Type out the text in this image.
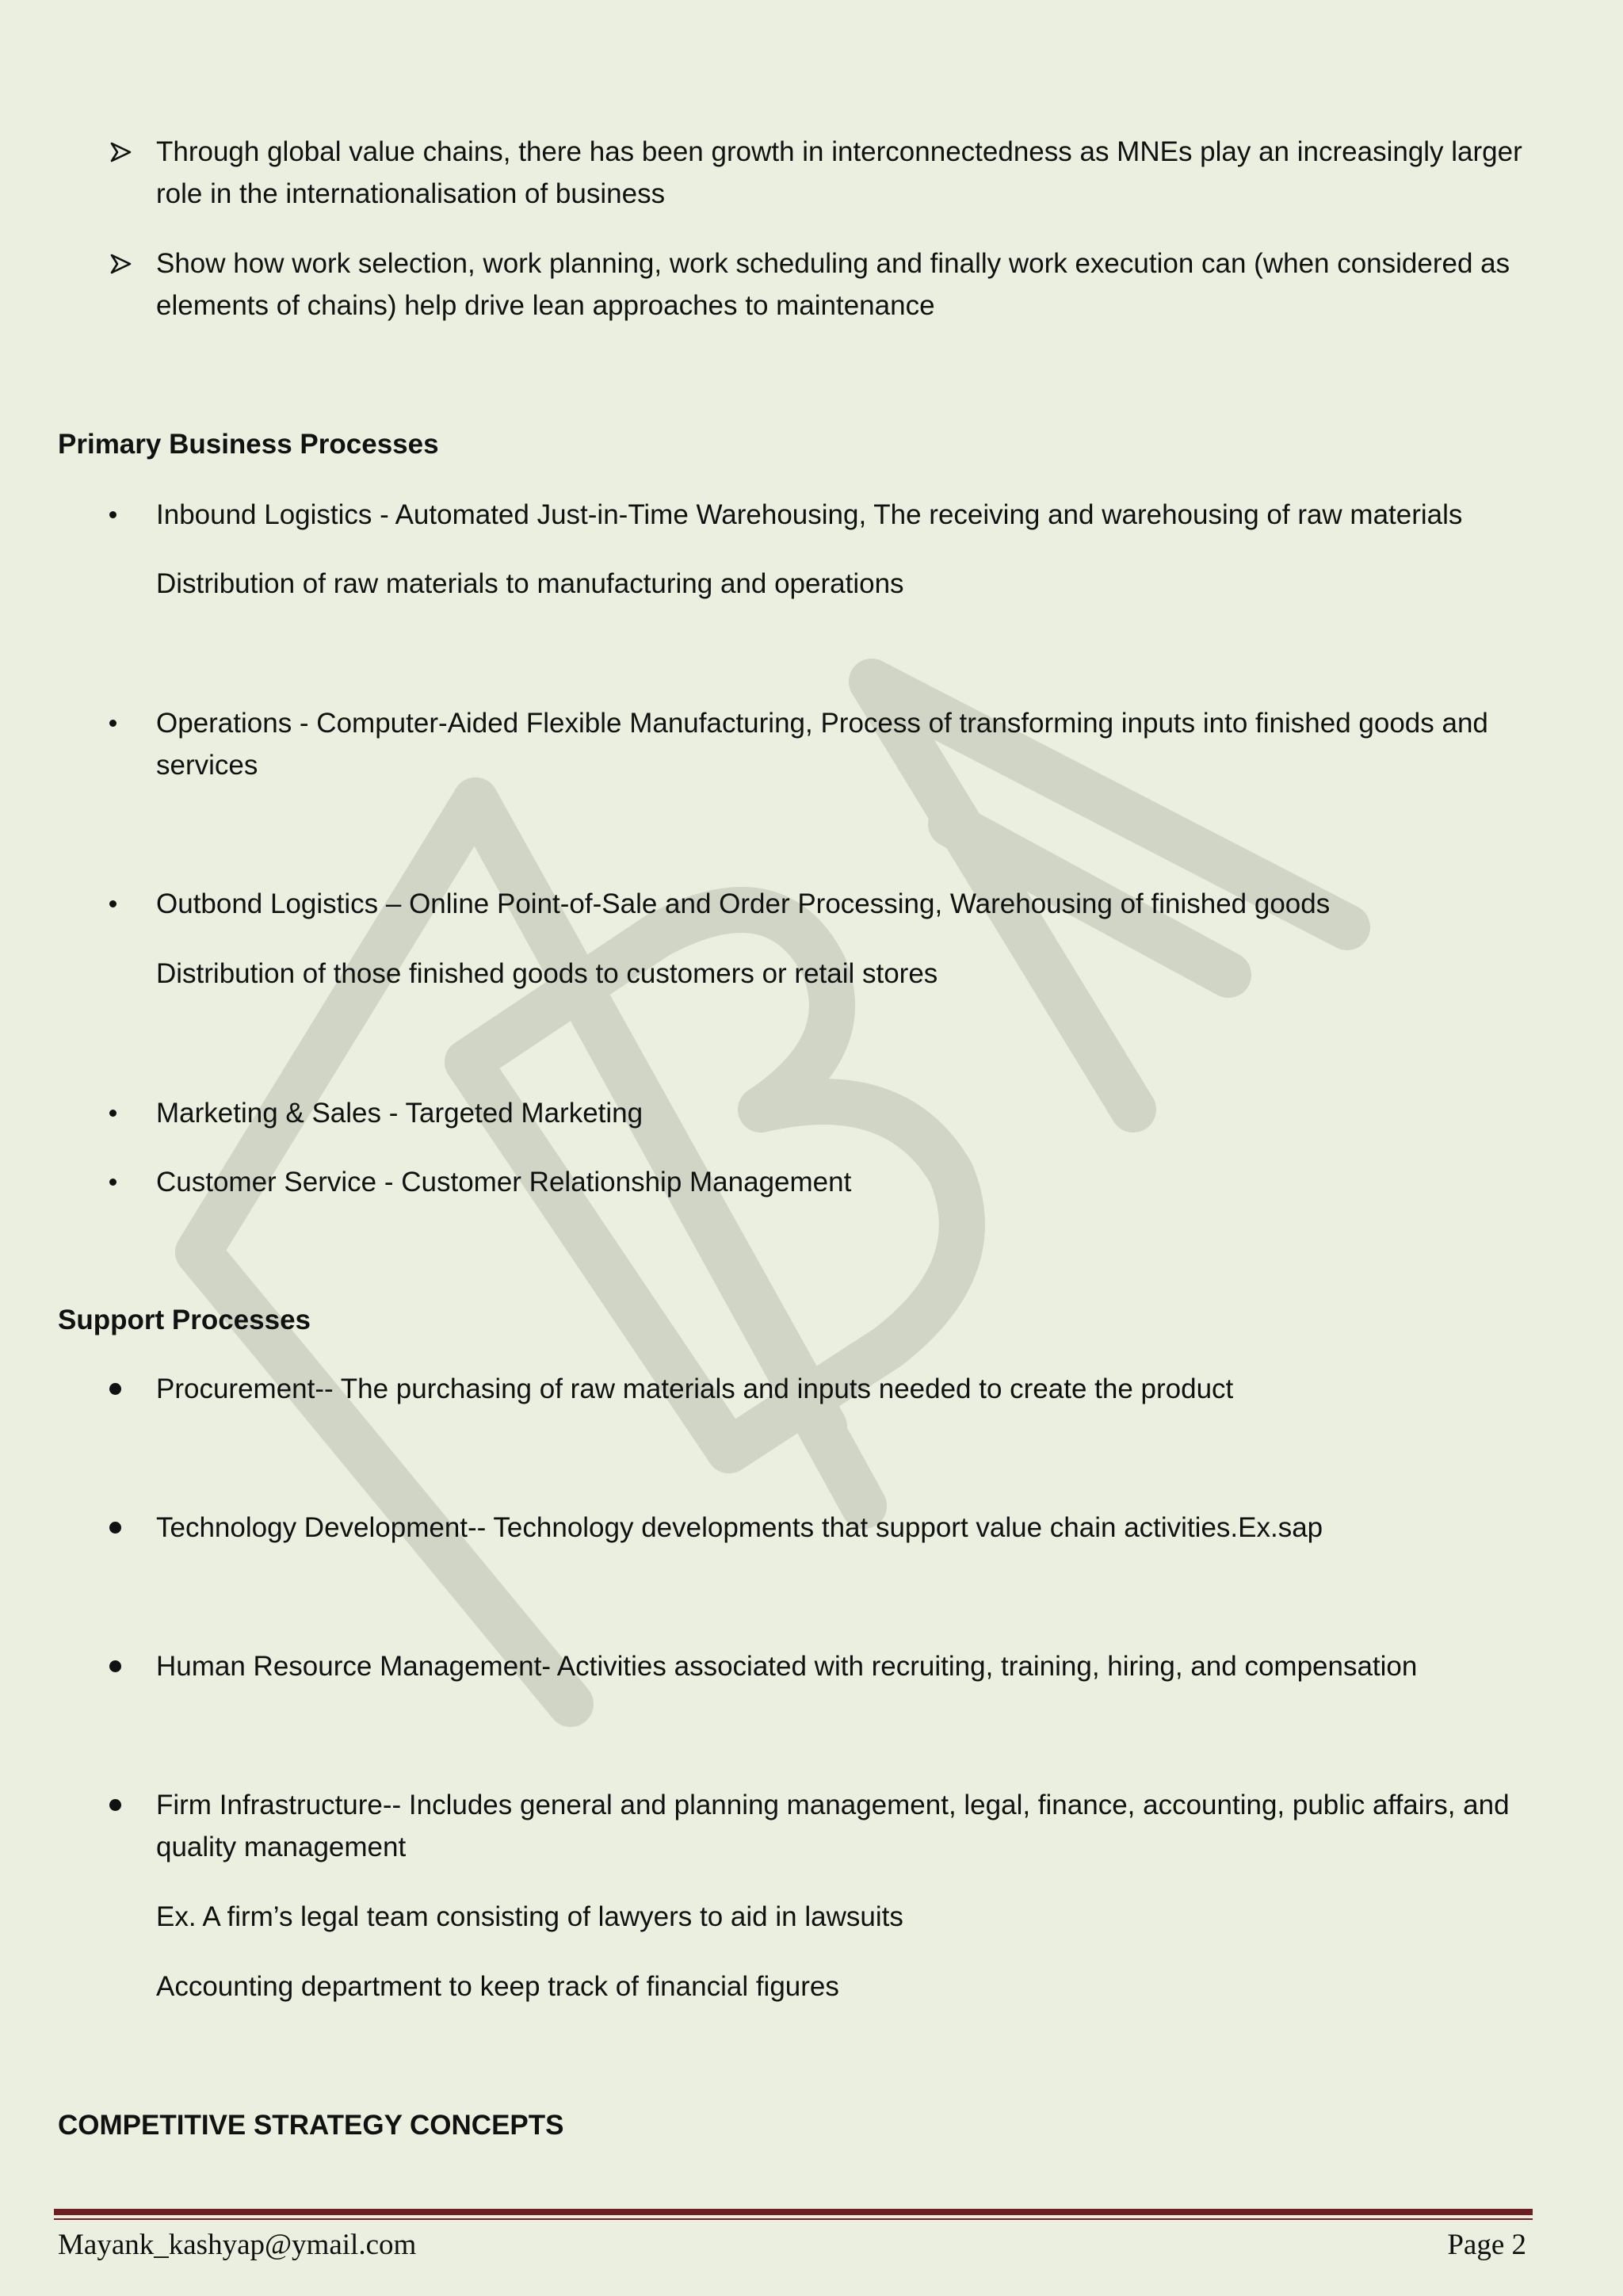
Through global value chains, there has been growth in interconnectedness as MNEs play an increasingly larger
role in the internationalisation of business
Show how work selection, work planning, work scheduling and finally work execution can (when considered as
elements of chains) help drive lean approaches to maintenance
Primary Business Processes
Inbound Logistics - Automated Just-in-Time Warehousing, The receiving and warehousing of raw materials
Distribution of raw materials to manufacturing and operations
Operations - Computer-Aided Flexible Manufacturing, Process of transforming inputs into finished goods and
services
Outbond Logistics – Online Point-of-Sale and Order Processing, Warehousing of finished goods
Distribution of those finished goods to customers or retail stores
Marketing & Sales - Targeted Marketing
Customer Service - Customer Relationship Management
Support Processes
Procurement-- The purchasing of raw materials and inputs needed to create the product
Technology Development-- Technology developments that support value chain activities.Ex.sap
Human Resource Management- Activities associated with recruiting, training, hiring, and compensation
Firm Infrastructure-- Includes general and planning management, legal, finance, accounting, public affairs, and
quality management
Ex. A firm’s legal team consisting of lawyers to aid in lawsuits
Accounting department to keep track of financial figures
COMPETITIVE STRATEGY CONCEPTS
Mayank_kashyap@ymail.com	Page 2
